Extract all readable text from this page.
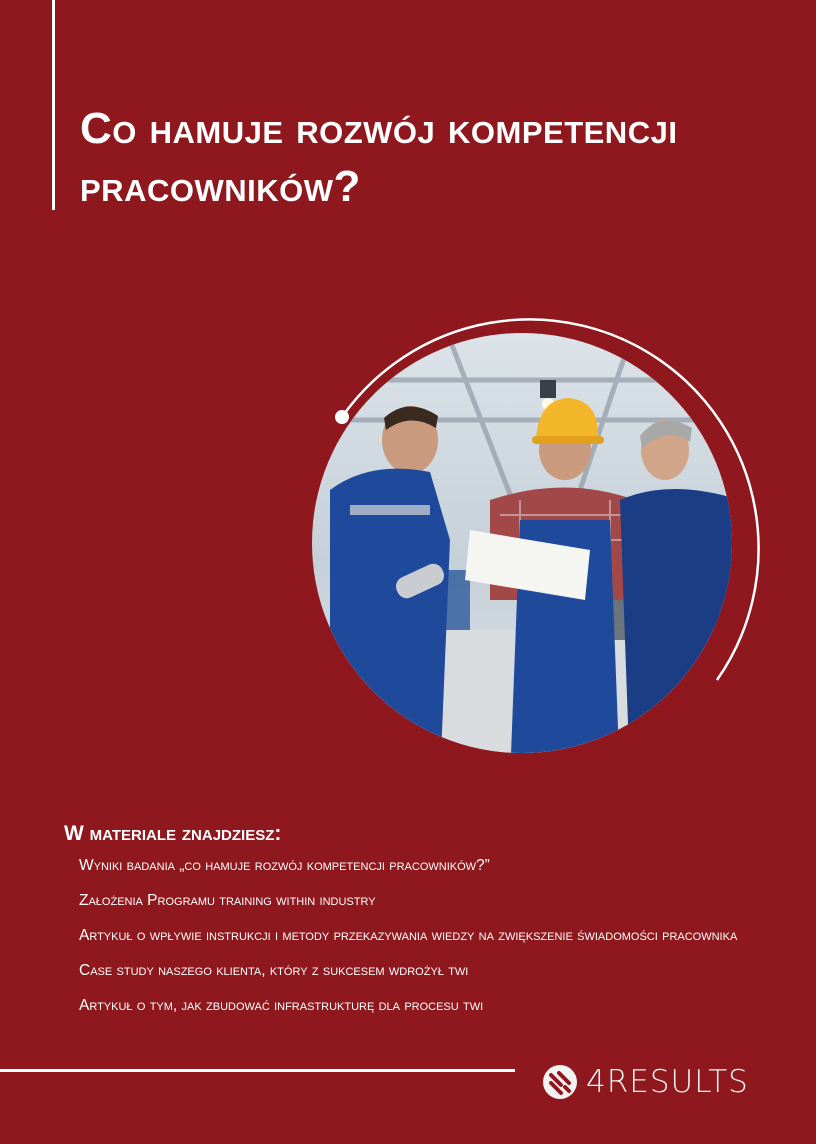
Co hamuje rozwój kompetencji
pracowników?
W materiale znajdziesz:
Wyniki badania „co hamuje rozwój kompetencji pracowników?”
Założenia Programu training within industry
Artykuł o wpływie instrukcji i metody przekazywania wiedzy na zwiększenie świadomości pracownika
Case study naszego klienta, który z sukcesem wdrożył twi
Artykuł o tym, jak zbudować infrastrukturę dla procesu twi
4RESULTS
